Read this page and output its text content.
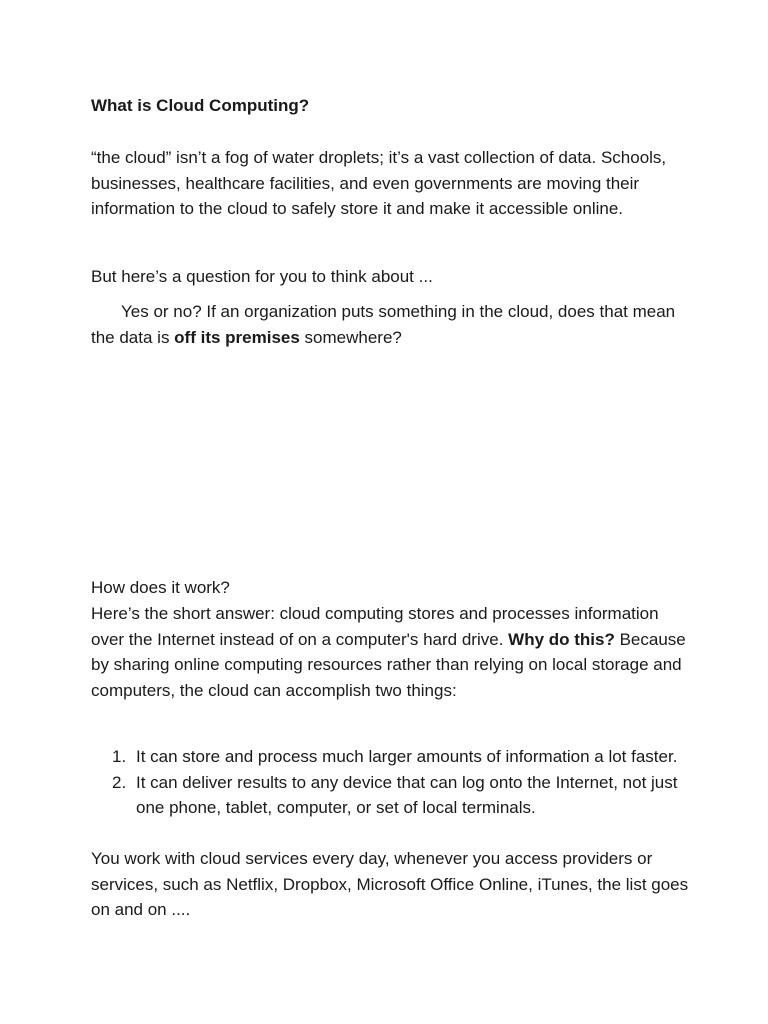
What is Cloud Computing?

“the cloud” isn’t a fog of water droplets; it’s a vast collection of data. Schools, businesses, healthcare facilities, and even governments are moving their information to the cloud to safely store it and make it accessible online.

But here’s a question for you to think about ...

Yes or no? If an organization puts something in the cloud, does that mean the data is off its premises somewhere?

How does it work?

Here’s the short answer: cloud computing stores and processes information over the Internet instead of on a computer's hard drive. Why do this? Because by sharing online computing resources rather than relying on local storage and computers, the cloud can accomplish two things:

1. It can store and process much larger amounts of information a lot faster.
2. It can deliver results to any device that can log onto the Internet, not just one phone, tablet, computer, or set of local terminals.

You work with cloud services every day, whenever you access providers or services, such as Netflix, Dropbox, Microsoft Office Online, iTunes, the list goes on and on ....
